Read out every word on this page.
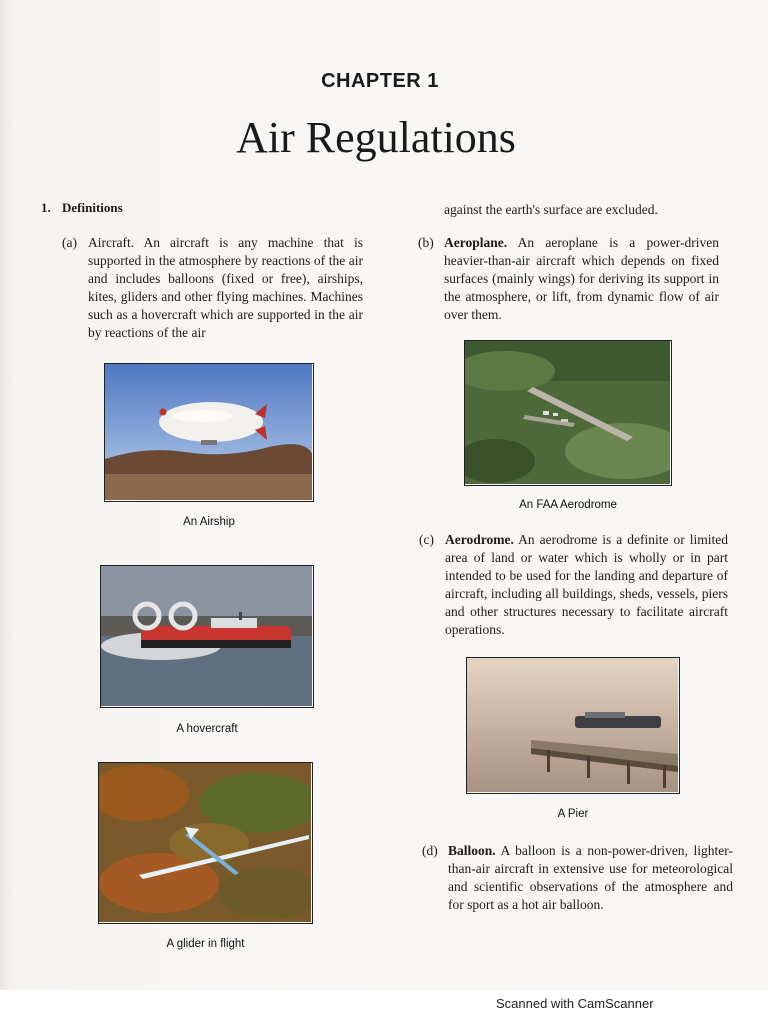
CHAPTER 1
Air Regulations
1. Definitions
(a) Aircraft. An aircraft is any machine that is supported in the atmosphere by reactions of the air and includes balloons (fixed or free), airships, kites, gliders and other flying machines. Machines such as a hovercraft which are supported in the air by reactions of the air
against the earth's surface are excluded.
(b) Aeroplane. An aeroplane is a power-driven heavier-than-air aircraft which depends on fixed surfaces (mainly wings) for deriving its support in the atmosphere, or lift, from dynamic flow of air over them.
An Airship
An FAA Aerodrome
(c) Aerodrome. An aerodrome is a definite or limited area of land or water which is wholly or in part intended to be used for the landing and departure of aircraft, including all buildings, sheds, vessels, piers and other structures necessary to facilitate aircraft operations.
A hovercraft
A Pier
A glider in flight
(d) Balloon. A balloon is a non-power-driven, lighter-than-air aircraft in extensive use for meteorological and scientific observations of the atmosphere and for sport as a hot air balloon.
Scanned with CamScanner
